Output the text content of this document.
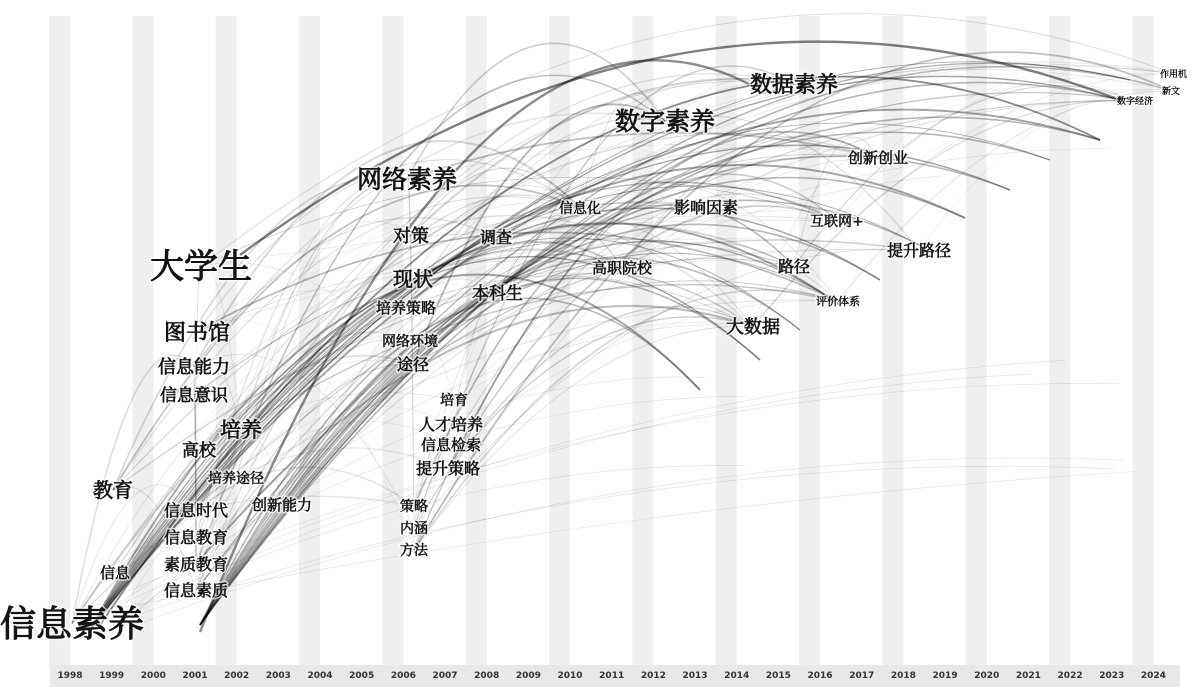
信息素养
信息
教育
大学生
图书馆
信息能力
信息意识
培养
高校
培养途径
信息时代 创新能力
信息教育
素质教育
信息素质
网络素养
对策	调查
现状
本科生
培养策略
网络环境
途径
培育
人才培养
信息检索
提升策略
策略
内涵
方法
信息化
数字素养
影响因素
高职院校
数据素养
创新创业
互联网+
路径
提升路径
评价体系
大数据
作用机
新文
数字经济
1998 1999 2000 2001 2002 2003 2004 2005 2006 2007 2008 2009 2010 2011 2012 2013 2014 2015 2016 2017 2018 2019 2020 2021 2022 2023 2024
